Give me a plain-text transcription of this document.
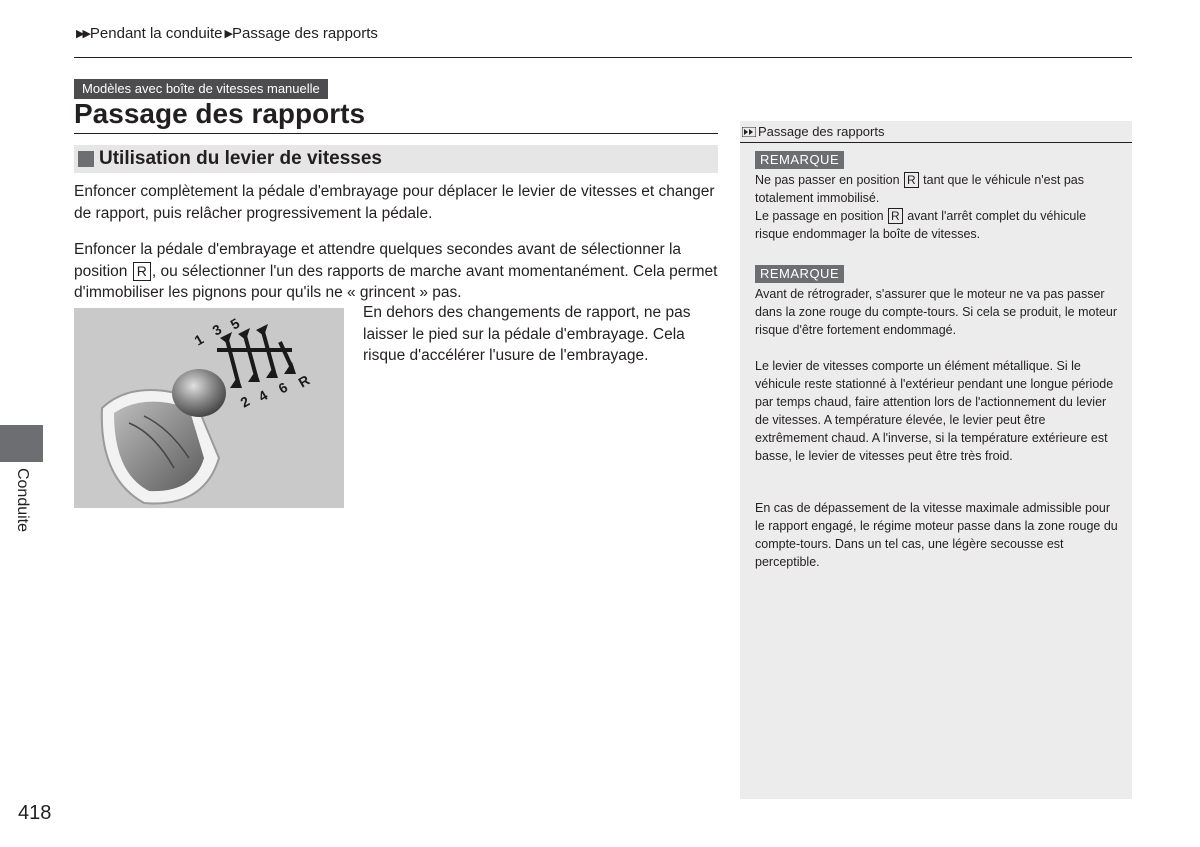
▶▶ Pendant la conduite ▶ Passage des rapports
Modèles avec boîte de vitesses manuelle
Passage des rapports
Utilisation du levier de vitesses

Enfoncer complètement la pédale d'embrayage pour déplacer le levier de vitesses et changer de rapport, puis relâcher progressivement la pédale.

Enfoncer la pédale d'embrayage et attendre quelques secondes avant de sélectionner la position R , ou sélectionner l'un des rapports de marche avant momentanément. Cela permet d'immobiliser les pignons pour qu'ils ne « grincent » pas.

En dehors des changements de rapport, ne pas laisser le pied sur la pédale d'embrayage. Cela risque d'accélérer l'usure de l'embrayage.

1
3 5
2 4 6 R
Conduite
418
Passage des rapports
REMARQUE
Ne pas passer en position R tant que le véhicule n'est pas totalement immobilisé.
Le passage en position R avant l'arrêt complet du véhicule risque endommager la boîte de vitesses.
REMARQUE
Avant de rétrograder, s'assurer que le moteur ne va pas passer dans la zone rouge du compte-tours. Si cela se produit, le moteur risque d'être fortement endommagé.
Le levier de vitesses comporte un élément métallique. Si le véhicule reste stationné à l'extérieur pendant une longue période par temps chaud, faire attention lors de l'actionnement du levier de vitesses. A température élevée, le levier peut être extrêmement chaud. A l'inverse, si la température extérieure est basse, le levier de vitesses peut être très froid.
En cas de dépassement de la vitesse maximale admissible pour le rapport engagé, le régime moteur passe dans la zone rouge du compte-tours. Dans un tel cas, une légère secousse est perceptible.
